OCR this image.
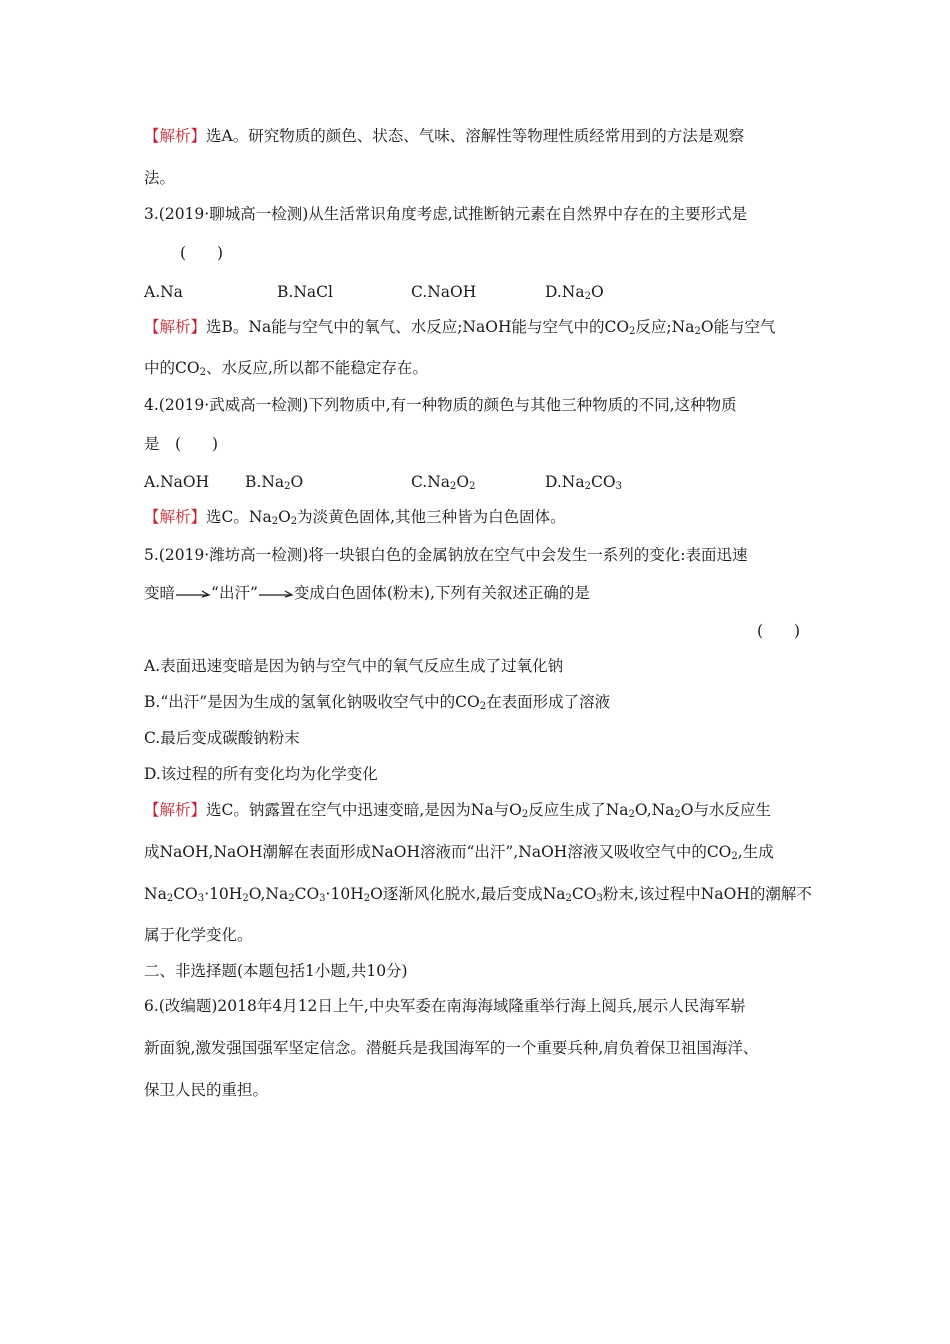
【解析】选A。研究物质的颜色、状态、气味、溶解性等物理性质经常用到的方法是观察
法。
3.(2019·聊城高一检测)从生活常识角度考虑,试推断钠元素在自然界中存在的主要形式是
(　　)
A.Na	B.NaCl	C.NaOH	$D.Na_2O$
【解析】选B。Na能与空气中的氧气、水反应;NaOH能与空气中的$CO_2$反应$;Na_2O$能与空气
中的$CO_2$、水反应,所以都不能稳定存在。
4.(2019·武威高一检测)下列物质中,有一种物质的颜色与其他三种物质的不同,这种物质
是　(　　)
A.NaOH $B.Na_2O$	$C.Na_2O_2$	$D.Na_2CO_3$
【解析】选C。$Na_2O_2$为淡黄色固体,其他三种皆为白色固体。
5.(2019·潍坊高一检测)将一块银白色的金属钠放在空气中会发生一系列的变化:表面迅速
变暗→“出汗”→变成白色固体(粉末),下列有关叙述正确的是
(　　)
A.表面迅速变暗是因为钠与空气中的氧气反应生成了过氧化钠
B.“出汗”是因为生成的氢氧化钠吸收空气中的$CO_2$在表面形成了溶液
C.最后变成碳酸钠粉末
D.该过程的所有变化均为化学变化
【解析】选C。钠露置在空气中迅速变暗,是因为Na与$O_2$反应生成了$Na_2O,Na_2O$与水反应生
成NaOH,NaOH潮解在表面形成NaOH溶液而“出汗”,NaOH溶液又吸收空气中的$CO_2$,生成
$Na_2CO_3\cdot 10H_2O,Na_2CO_3\cdot 10H_2O$逐渐风化脱水,最后变成$Na_2CO_3$粉末,该过程中NaOH的潮解不
属于化学变化。
二、非选择题(本题包括1小题,共10分)
6.(改编题)2018年4月12日上午,中央军委在南海海域隆重举行海上阅兵,展示人民海军崭
新面貌,激发强国强军坚定信念。潜艇兵是我国海军的一个重要兵种,肩负着保卫祖国海洋、
保卫人民的重担。
